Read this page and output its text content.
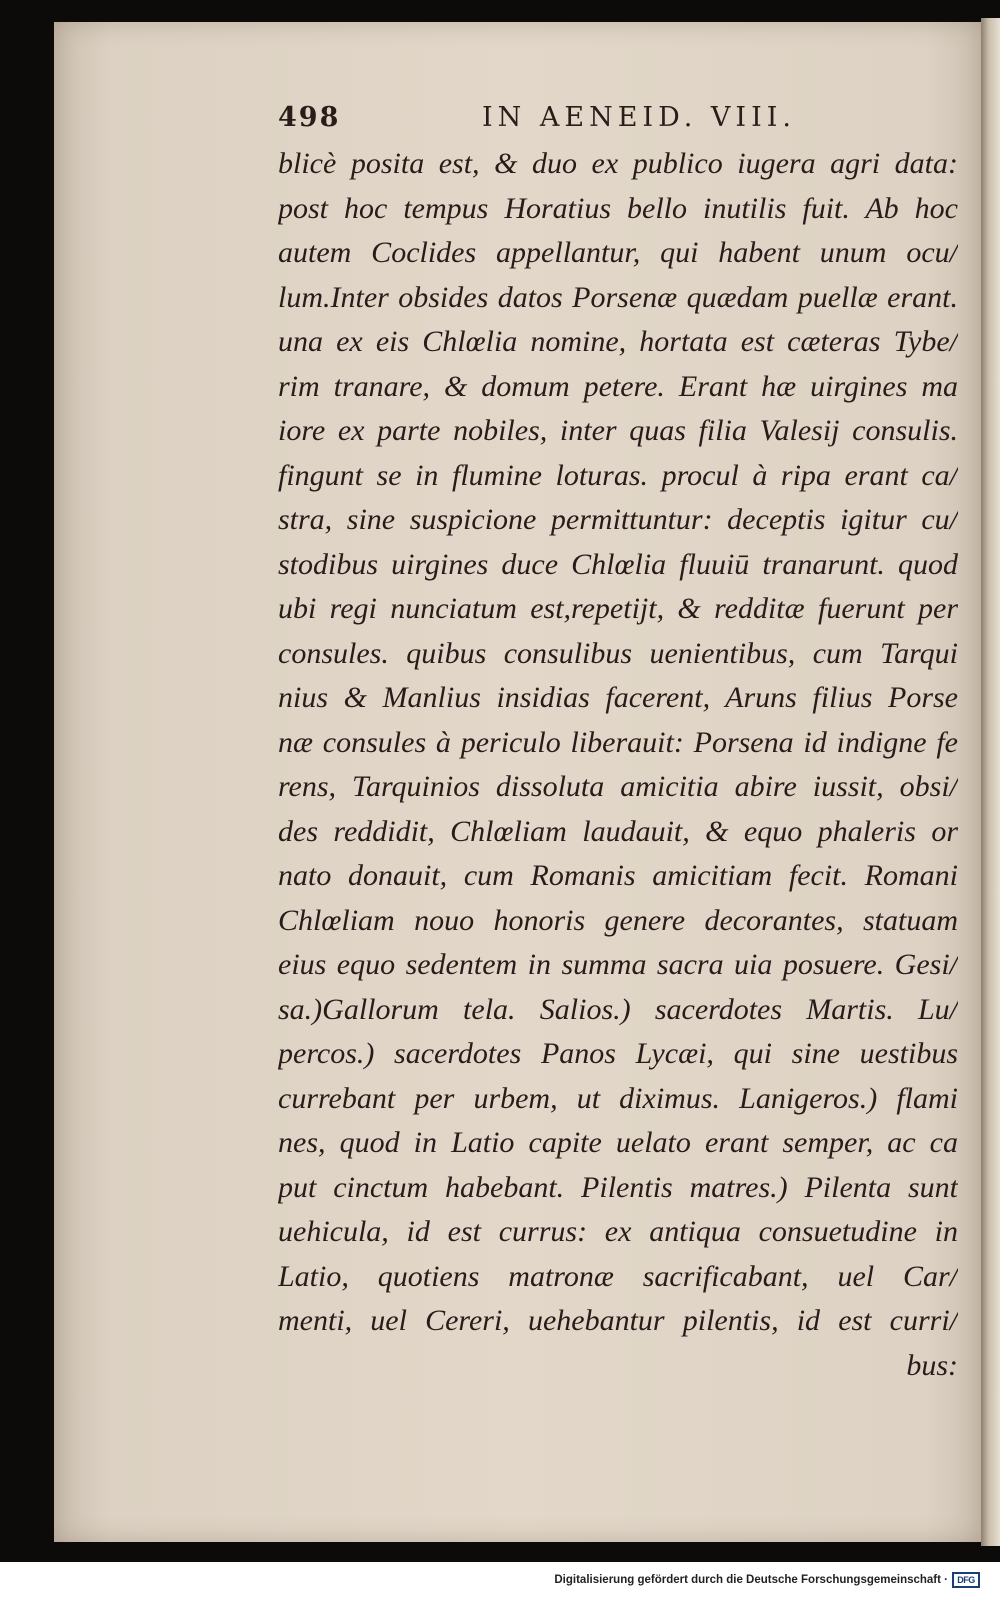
498	IN AENEID. VIII.
blicè posita est, & duo ex publico iugera agri data:
post hoc tempus Horatius bello inutilis fuit. Ab hoc
autem Coclides appellantur, qui habent unum ocu/
lum.Inter obsides datos Porsenæ quædam puellæ erant.
una ex eis Chlœlia nomine, hortata est cæteras Tybe/
rim tranare, & domum petere. Erant hæ uirgines ma
iore ex parte nobiles, inter quas filia Valesij consulis.
fingunt se in flumine loturas. procul à ripa erant ca/
stra, sine suspicione permittuntur: deceptis igitur cu/
stodibus uirgines duce Chlœlia fluuiū tranarunt. quod
ubi regi nunciatum est,repetijt, & redditæ fuerunt per
consules. quibus consulibus uenientibus, cum Tarqui
nius & Manlius insidias facerent, Aruns filius Porse
næ consules à periculo liberauit: Porsena id indigne fe
rens, Tarquinios dissoluta amicitia abire iussit, obsi/
des reddidit, Chlœliam laudauit, & equo phaleris or
nato donauit, cum Romanis amicitiam fecit. Romani
Chlœliam nouo honoris genere decorantes, statuam
eius equo sedentem in summa sacra uia posuere. Gesi/
sa.)Gallorum tela. Salios.) sacerdotes Martis. Lu/
percos.) sacerdotes Panos Lycæi, qui sine uestibus
currebant per urbem, ut diximus. Lanigeros.) flami
nes, quod in Latio capite uelato erant semper, ac ca
put cinctum habebant. Pilentis matres.) Pilenta sunt
uehicula, id est currus: ex antiqua consuetudine in
Latio, quotiens matronæ sacrificabant, uel Car/
menti, uel Cereri, uehebantur pilentis, id est curri/
bus:
Digitalisierung gefördert durch die Deutsche Forschungsgemeinschaft ·	DFG
